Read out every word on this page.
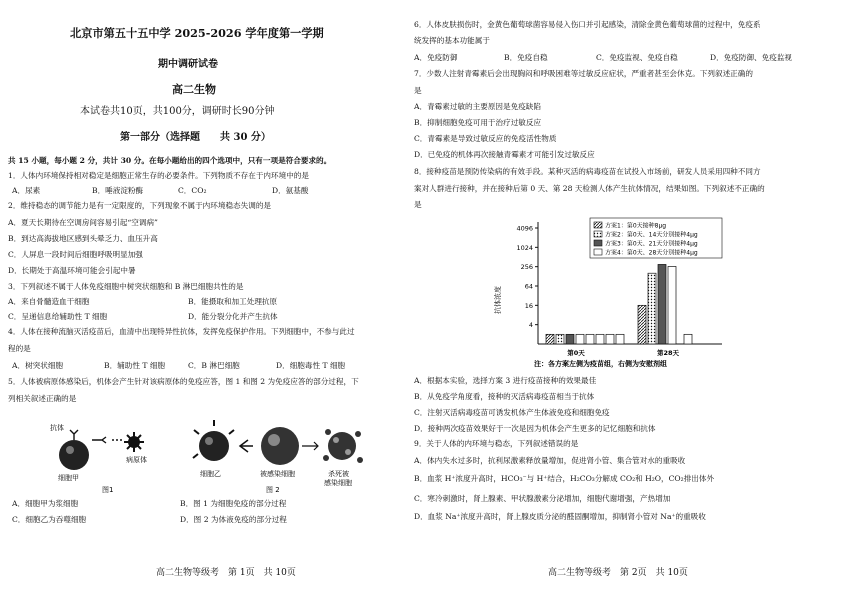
北京市第五十五中学 2025-2026 学年度第一学期
期中调研试卷
高二生物
本试卷共10页，共100分，调研时长90分钟
第一部分（选择题　　共 30 分）
共 15 小题，每小题 2 分，共计 30 分。在每小题给出的四个选项中，只有一项是符合要求的。
1．人体内环境保持相对稳定是细胞正常生存的必要条件。下列物质不存在于内环境中的是
A．尿素	B．唾液淀粉酶	C．CO₂	D．氨基酸
2．维持稳态的调节能力是有一定限度的，下列现象不属于内环境稳态失调的是
A．夏天长期待在空调房间容易引起“空调病”
B．到达高海拔地区感到头晕乏力、血压升高
C．人屏息一段时间后细胞呼吸明显加强
D．长期处于高温环境可能会引起中暑
3．下列叙述不属于人体免疫细胞中树突状细胞和 B 淋巴细胞共性的是
A．来自骨髓造血干细胞	B．能摄取和加工处理抗原
C．呈递信息给辅助性 T 细胞	D．能分裂分化并产生抗体
4．人体在接种流脑灭活疫苗后，血清中出现特异性抗体，发挥免疫保护作用。下列细胞中，不参与此过
程的是
A．树突状细胞	B．辅助性 T 细胞	C．B 淋巴细胞	D．细胞毒性 T 细胞
5．人体被病原体感染后，机体会产生针对该病原体的免疫应答，图 1 和图 2 为免疫应答的部分过程，下
列相关叙述正确的是
抗体
细胞甲
病原体
图1
细胞乙	被感染细胞	杀死被
感染细胞
图 2
A．细胞甲为浆细胞	B．图 1 为细胞免疫的部分过程
C．细胞乙为吞噬细胞	D．图 2 为体液免疫的部分过程
高二生物等级考　第 1页　共 10页
6．人体皮肤损伤时，金黄色葡萄球菌容易侵入伤口并引起感染，清除金黄色葡萄球菌的过程中，免疫系
统发挥的基本功能属于
A．免疫防御	B．免疫自稳	C．免疫监视、免疫自稳	D．免疫防御、免疫监视
7．少数人注射青霉素后会出现胸闷和呼吸困难等过敏反应症状，严重者甚至会休克。下列叙述正确的
是
A．青霉素过敏的主要原因是免疫缺陷
B．抑制细胞免疫可用于治疗过敏反应
C．青霉素是导致过敏反应的免疫活性物质
D．已免疫的机体再次接触青霉素才可能引发过敏反应
8．接种疫苗是预防传染病的有效手段。某种灭活的病毒疫苗在试投入市场前，研发人员采用四种不同方
案对人群进行接种，并在接种后第 0 天、第 28 天检测人体产生抗体情况，结果如图。下列叙述不正确的
是
抗体浓度
4096
1024
256
64
16
4
第0天	第28天
方案1：第0天接种8μg
方案2：第0天、14天分别接种4μg
方案3：第0天、21天分别接种4μg
方案4：第0天、28天分别接种4μg
注：各方案左侧为疫苗组，右侧为安慰剂组
A．根据本实验，选择方案 3 进行疫苗接种的效果最佳
B．从免疫学角度看，接种的灭活病毒疫苗相当于抗体
C．注射灭活病毒疫苗可诱发机体产生体液免疫和细胞免疫
D．接种两次疫苗效果好于一次是因为机体会产生更多的记忆细胞和抗体
9．关于人体的内环境与稳态，下列叙述错误的是
A．体内失水过多时，抗利尿激素释放量增加，促进肾小管、集合管对水的重吸收
B．血浆 H⁺浓度升高时，HCO₃⁻与 H⁺结合，H₂CO₃分解成 CO₂和 H₂O，CO₂排出体外
C．寒冷刺激时，肾上腺素、甲状腺激素分泌增加，细胞代谢增强，产热增加
D．血浆 Na⁺浓度升高时，肾上腺皮质分泌的醛固酮增加，抑制肾小管对 Na⁺的重吸收
高二生物等级考　第 2页　共 10页
